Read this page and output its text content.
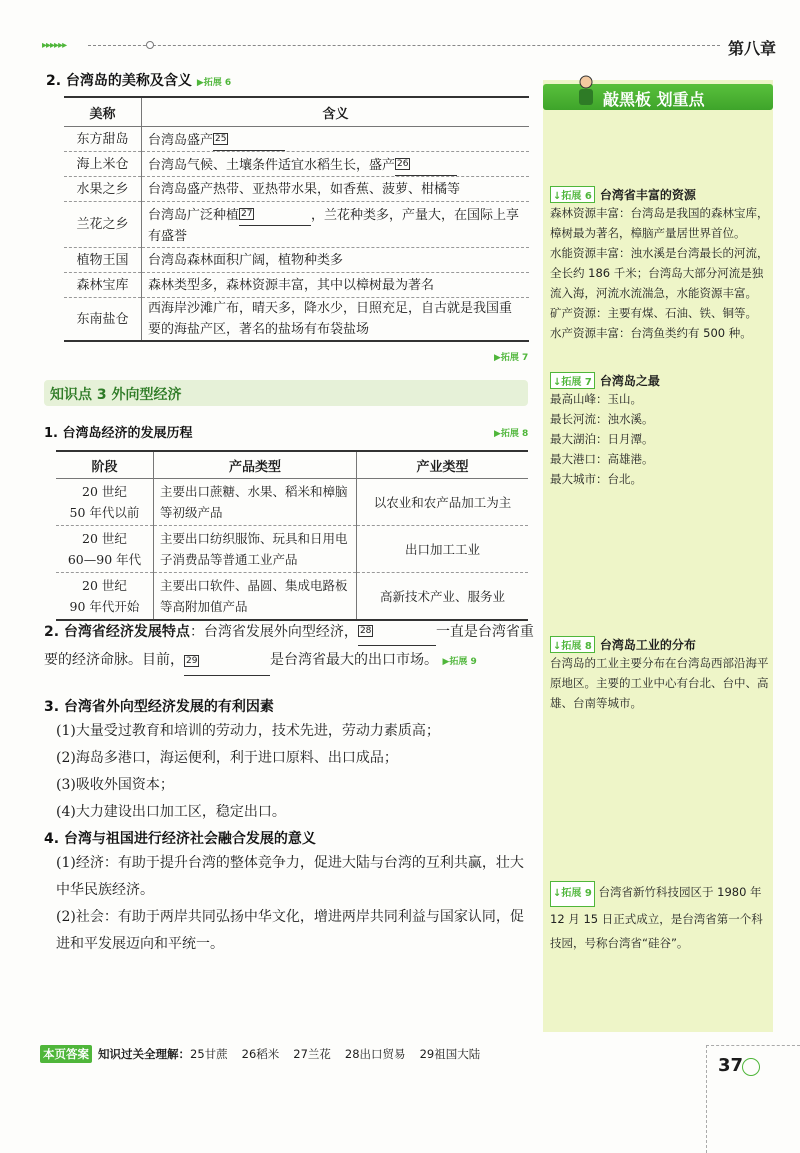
▸▸▸▸▸▸	第八章
2. 台湾岛的美称及含义 ▶拓展 6
美称	含义
东方甜岛	台湾岛盛产 25
海上米仓	台湾岛气候、土壤条件适宜水稻生长，盛产 26
水果之乡	台湾岛盛产热带、亚热带水果，如香蕉、菠萝、柑橘等
兰花之乡	台湾岛广泛种植 27 ，兰花种类多，产量大，在国际上享有盛誉
植物王国	台湾岛森林面积广阔，植物种类多
森林宝库	森林类型多，森林资源丰富，其中以樟树最为著名
东南盐仓	西海岸沙滩广布，晴天多，降水少，日照充足，自古就是我国重要的海盐产区，著名的盐场有布袋盐场
▶拓展 7
知识点 3 外向型经济
1. 台湾岛经济的发展历程	▶拓展 8
阶段	产品类型	产业类型

20 世纪
50 年代以前	主要出口蔗糖、水果、稻米和樟脑等初级产品	以农业和农产品加工为主

20 世纪
60—90 年代	主要出口纺织服饰、玩具和日用电子消费品等普通工业产品	出口加工工业

20 世纪
90 年代开始	主要出口软件、晶圆、集成电路板等高附加值产品	高新技术产业、服务业
2. 台湾省经济发展特点：台湾省发展外向型经济， 28	一直是台湾省重要的经济命脉。目前， 29	是台湾省最大的出口市场。 ▶拓展 9
3. 台湾省外向型经济发展的有利因素
(1)大量受过教育和培训的劳动力，技术先进，劳动力素质高；
(2)海岛多港口，海运便利，利于进口原料、出口成品；
(3)吸收外国资本；
(4)大力建设出口加工区，稳定出口。
4. 台湾与祖国进行经济社会融合发展的意义
(1)经济：有助于提升台湾的整体竞争力，促进大陆与台湾的互利共赢，壮大中华民族经济。
(2)社会：有助于两岸共同弘扬中华文化，增进两岸共同利益与国家认同，促进和平发展迈向和平统一。
敲黑板 划重点
↓拓展 6 台湾省丰富的资源
森林资源丰富：台湾岛是我国的森林宝库，樟树最为著名，樟脑产量居世界首位。
水能资源丰富：浊水溪是台湾最长的河流，全长约 186 千米；台湾岛大部分河流是独流入海，河流水流湍急，水能资源丰富。
矿产资源：主要有煤、石油、铁、铜等。
水产资源丰富：台湾鱼类约有 500 种。
↓拓展 7 台湾岛之最
最高山峰：玉山。
最长河流：浊水溪。
最大湖泊：日月潭。
最大港口：高雄港。
最大城市：台北。
↓拓展 8 台湾岛工业的分布
台湾岛的工业主要分布在台湾岛西部沿海平原地区。主要的工业中心有台北、台中、高雄、台南等城市。
↓拓展 9 台湾省新竹科技园区于 1980 年 12 月 15 日正式成立，是台湾省第一个科技园，号称台湾省“硅谷”。
本页答案 知识过关全理解：25甘蔗 26稻米 27兰花 28出口贸易 29祖国大陆
37
